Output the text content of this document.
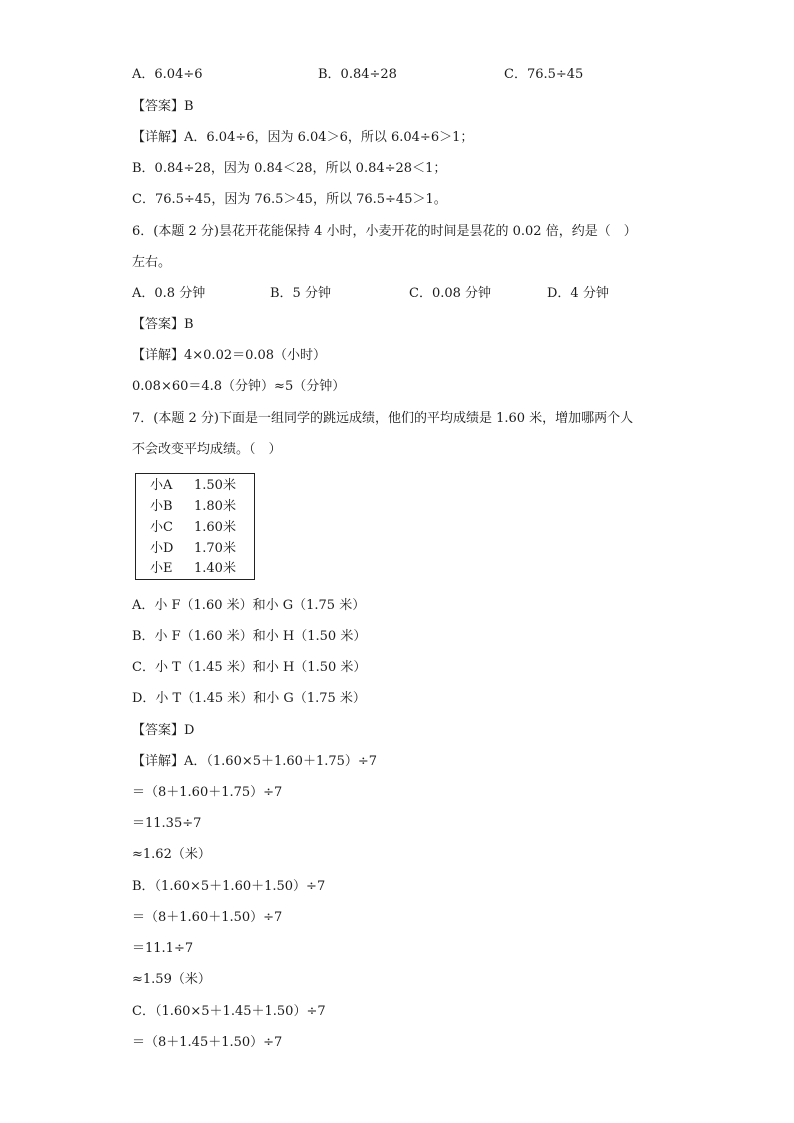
A．6.04÷6	B．0.84÷28	C．76.5÷45
【答案】B
【详解】A．6.04÷6，因为 6.04＞6，所以 6.04÷6＞1；
B．0.84÷28，因为 0.84＜28，所以 0.84÷28＜1；
C．76.5÷45，因为 76.5＞45，所以 76.5÷45＞1。
6．(本题 2 分)昙花开花能保持 4 小时，小麦开花的时间是昙花的 0.02 倍，约是（　）
左右。
A．0.8 分钟	B．5 分钟	C．0.08 分钟	D．4 分钟
【答案】B
【详解】4×0.02＝0.08（小时）
0.08×60＝4.8（分钟）≈5（分钟）
7．(本题 2 分)下面是一组同学的跳远成绩，他们的平均成绩是 1.60 米，增加哪两个人
不会改变平均成绩。（　）
小A 1.50米
小B 1.80米
小C 1.60米
小D 1.70米
小E 1.40米
A．小 F（1.60 米）和小 G（1.75 米）
B．小 F（1.60 米）和小 H（1.50 米）
C．小 T（1.45 米）和小 H（1.50 米）
D．小 T（1.45 米）和小 G（1.75 米）
【答案】D
【详解】A．（1.60×5＋1.60＋1.75）÷7
＝（8＋1.60＋1.75）÷7
＝11.35÷7
≈1.62（米）
B．（1.60×5＋1.60＋1.50）÷7
＝（8＋1.60＋1.50）÷7
＝11.1÷7
≈1.59（米）
C．（1.60×5＋1.45＋1.50）÷7
＝（8＋1.45＋1.50）÷7
